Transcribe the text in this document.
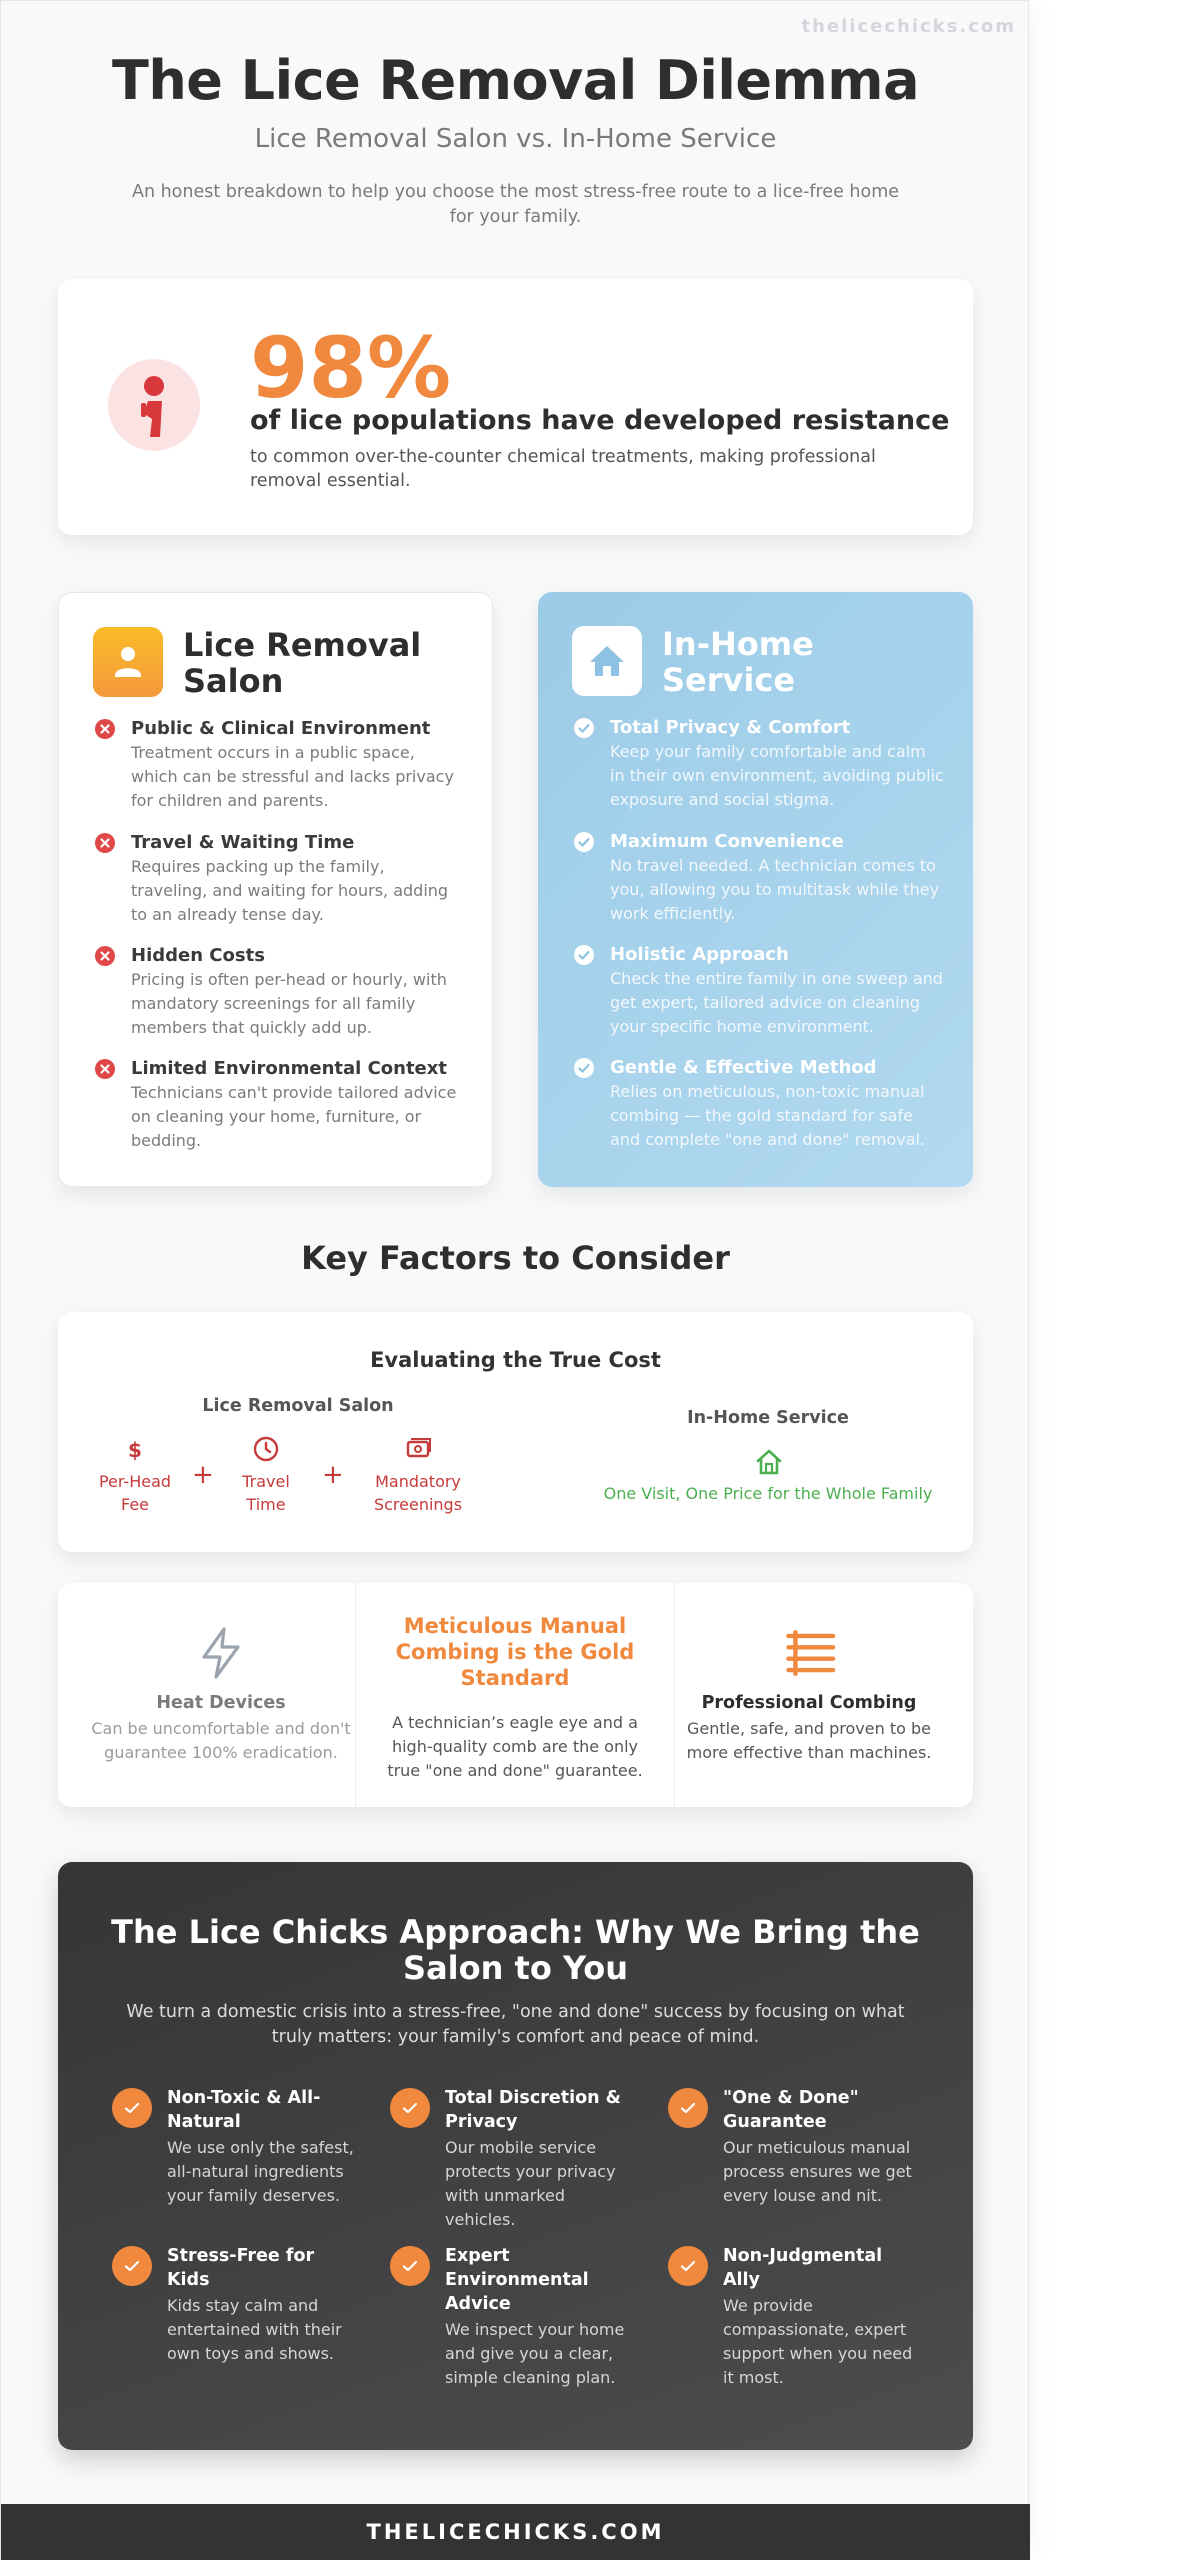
thelicechicks.com
The Lice Removal Dilemma
Lice Removal Salon vs. In-Home Service
An honest breakdown to help you choose the most stress-free route to a lice-free home for your family.
98%
of lice populations have developed resistance
to common over-the-counter chemical treatments, making professional removal essential.
Lice Removal Salon
Public & Clinical Environment
Treatment occurs in a public space, which can be stressful and lacks privacy for children and parents.
Travel & Waiting Time
Requires packing up the family, traveling, and waiting for hours, adding to an already tense day.
Hidden Costs
Pricing is often per-head or hourly, with mandatory screenings for all family members that quickly add up.
Limited Environmental Context
Technicians can't provide tailored advice on cleaning your home, furniture, or bedding.
In-Home Service
Total Privacy & Comfort
Keep your family comfortable and calm in their own environment, avoiding public exposure and social stigma.
Maximum Convenience
No travel needed. A technician comes to you, allowing you to multitask while they work efficiently.
Holistic Approach
Check the entire family in one sweep and get expert, tailored advice on cleaning your specific home environment.
Gentle & Effective Method
Relies on meticulous, non-toxic manual combing — the gold standard for safe and complete "one and done" removal.
Key Factors to Consider
Evaluating the True Cost
Lice Removal Salon
$
Per-Head
Fee
+	Travel
Time
+	Mandatory
Screenings
In-Home Service
One Visit, One Price for the Whole Family
Heat Devices
Can be uncomfortable and don't guarantee 100% eradication.
Meticulous Manual Combing is the Gold Standard
A technician’s eagle eye and a high-quality comb are the only true "one and done" guarantee.
Professional Combing
Gentle, safe, and proven to be more effective than machines.
The Lice Chicks Approach: Why We Bring the Salon to You
We turn a domestic crisis into a stress-free, "one and done" success by focusing on what truly matters: your family's comfort and peace of mind.
Non-Toxic & All-Natural
We use only the safest, all-natural ingredients your family deserves.
Total Discretion & Privacy
Our mobile service protects your privacy with unmarked vehicles.
"One & Done" Guarantee
Our meticulous manual process ensures we get every louse and nit.
Stress-Free for Kids
Kids stay calm and entertained with their own toys and shows.
Expert Environmental Advice
We inspect your home and give you a clear, simple cleaning plan.
Non-Judgmental Ally
We provide compassionate, expert support when you need it most.
THELICECHICKS.COM
